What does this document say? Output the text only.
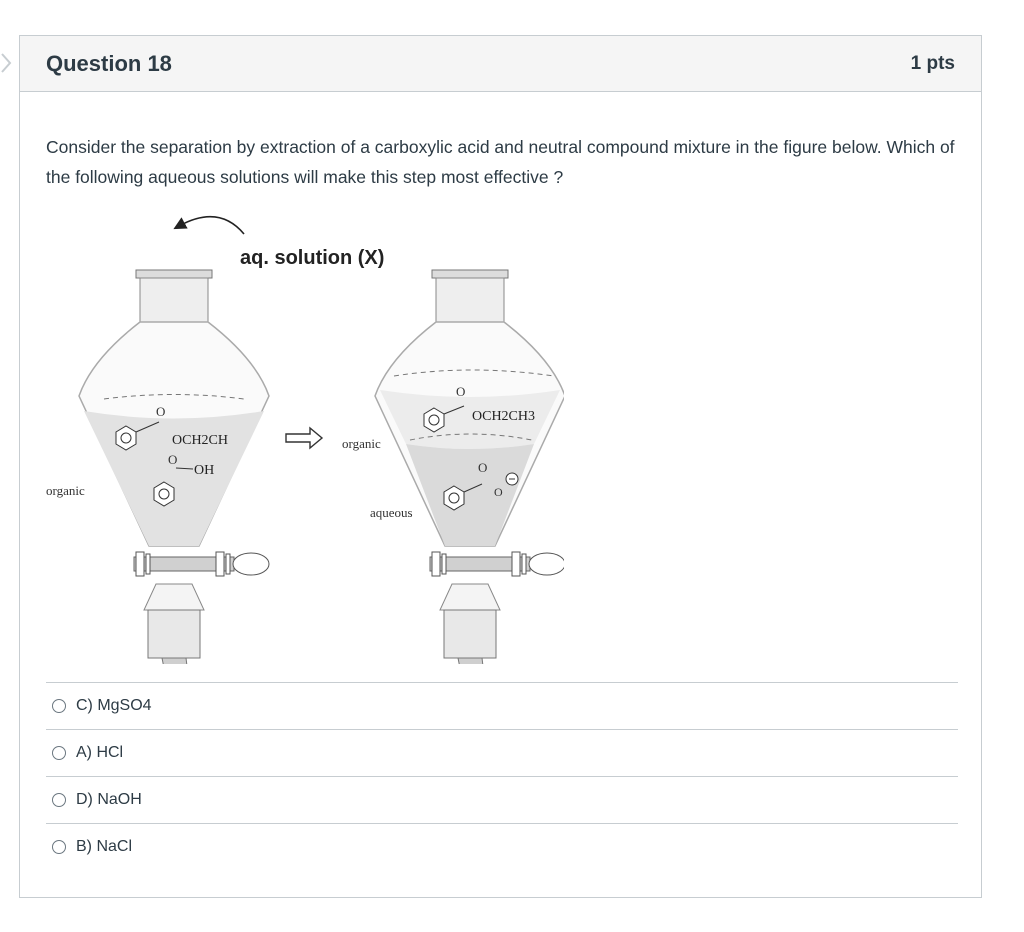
Question 18	1 pts

Consider the separation by extraction of a carboxylic acid and neutral compound mixture in the figure below. Which of the following aqueous solutions will make this step most effective ?

aq. solution (X)
O
OCH2CH
O
OH
organic
O
OCH2CH3
O
O
organic
aqueous
C) MgSO4
A) HCl
D) NaOH
B) NaCl
